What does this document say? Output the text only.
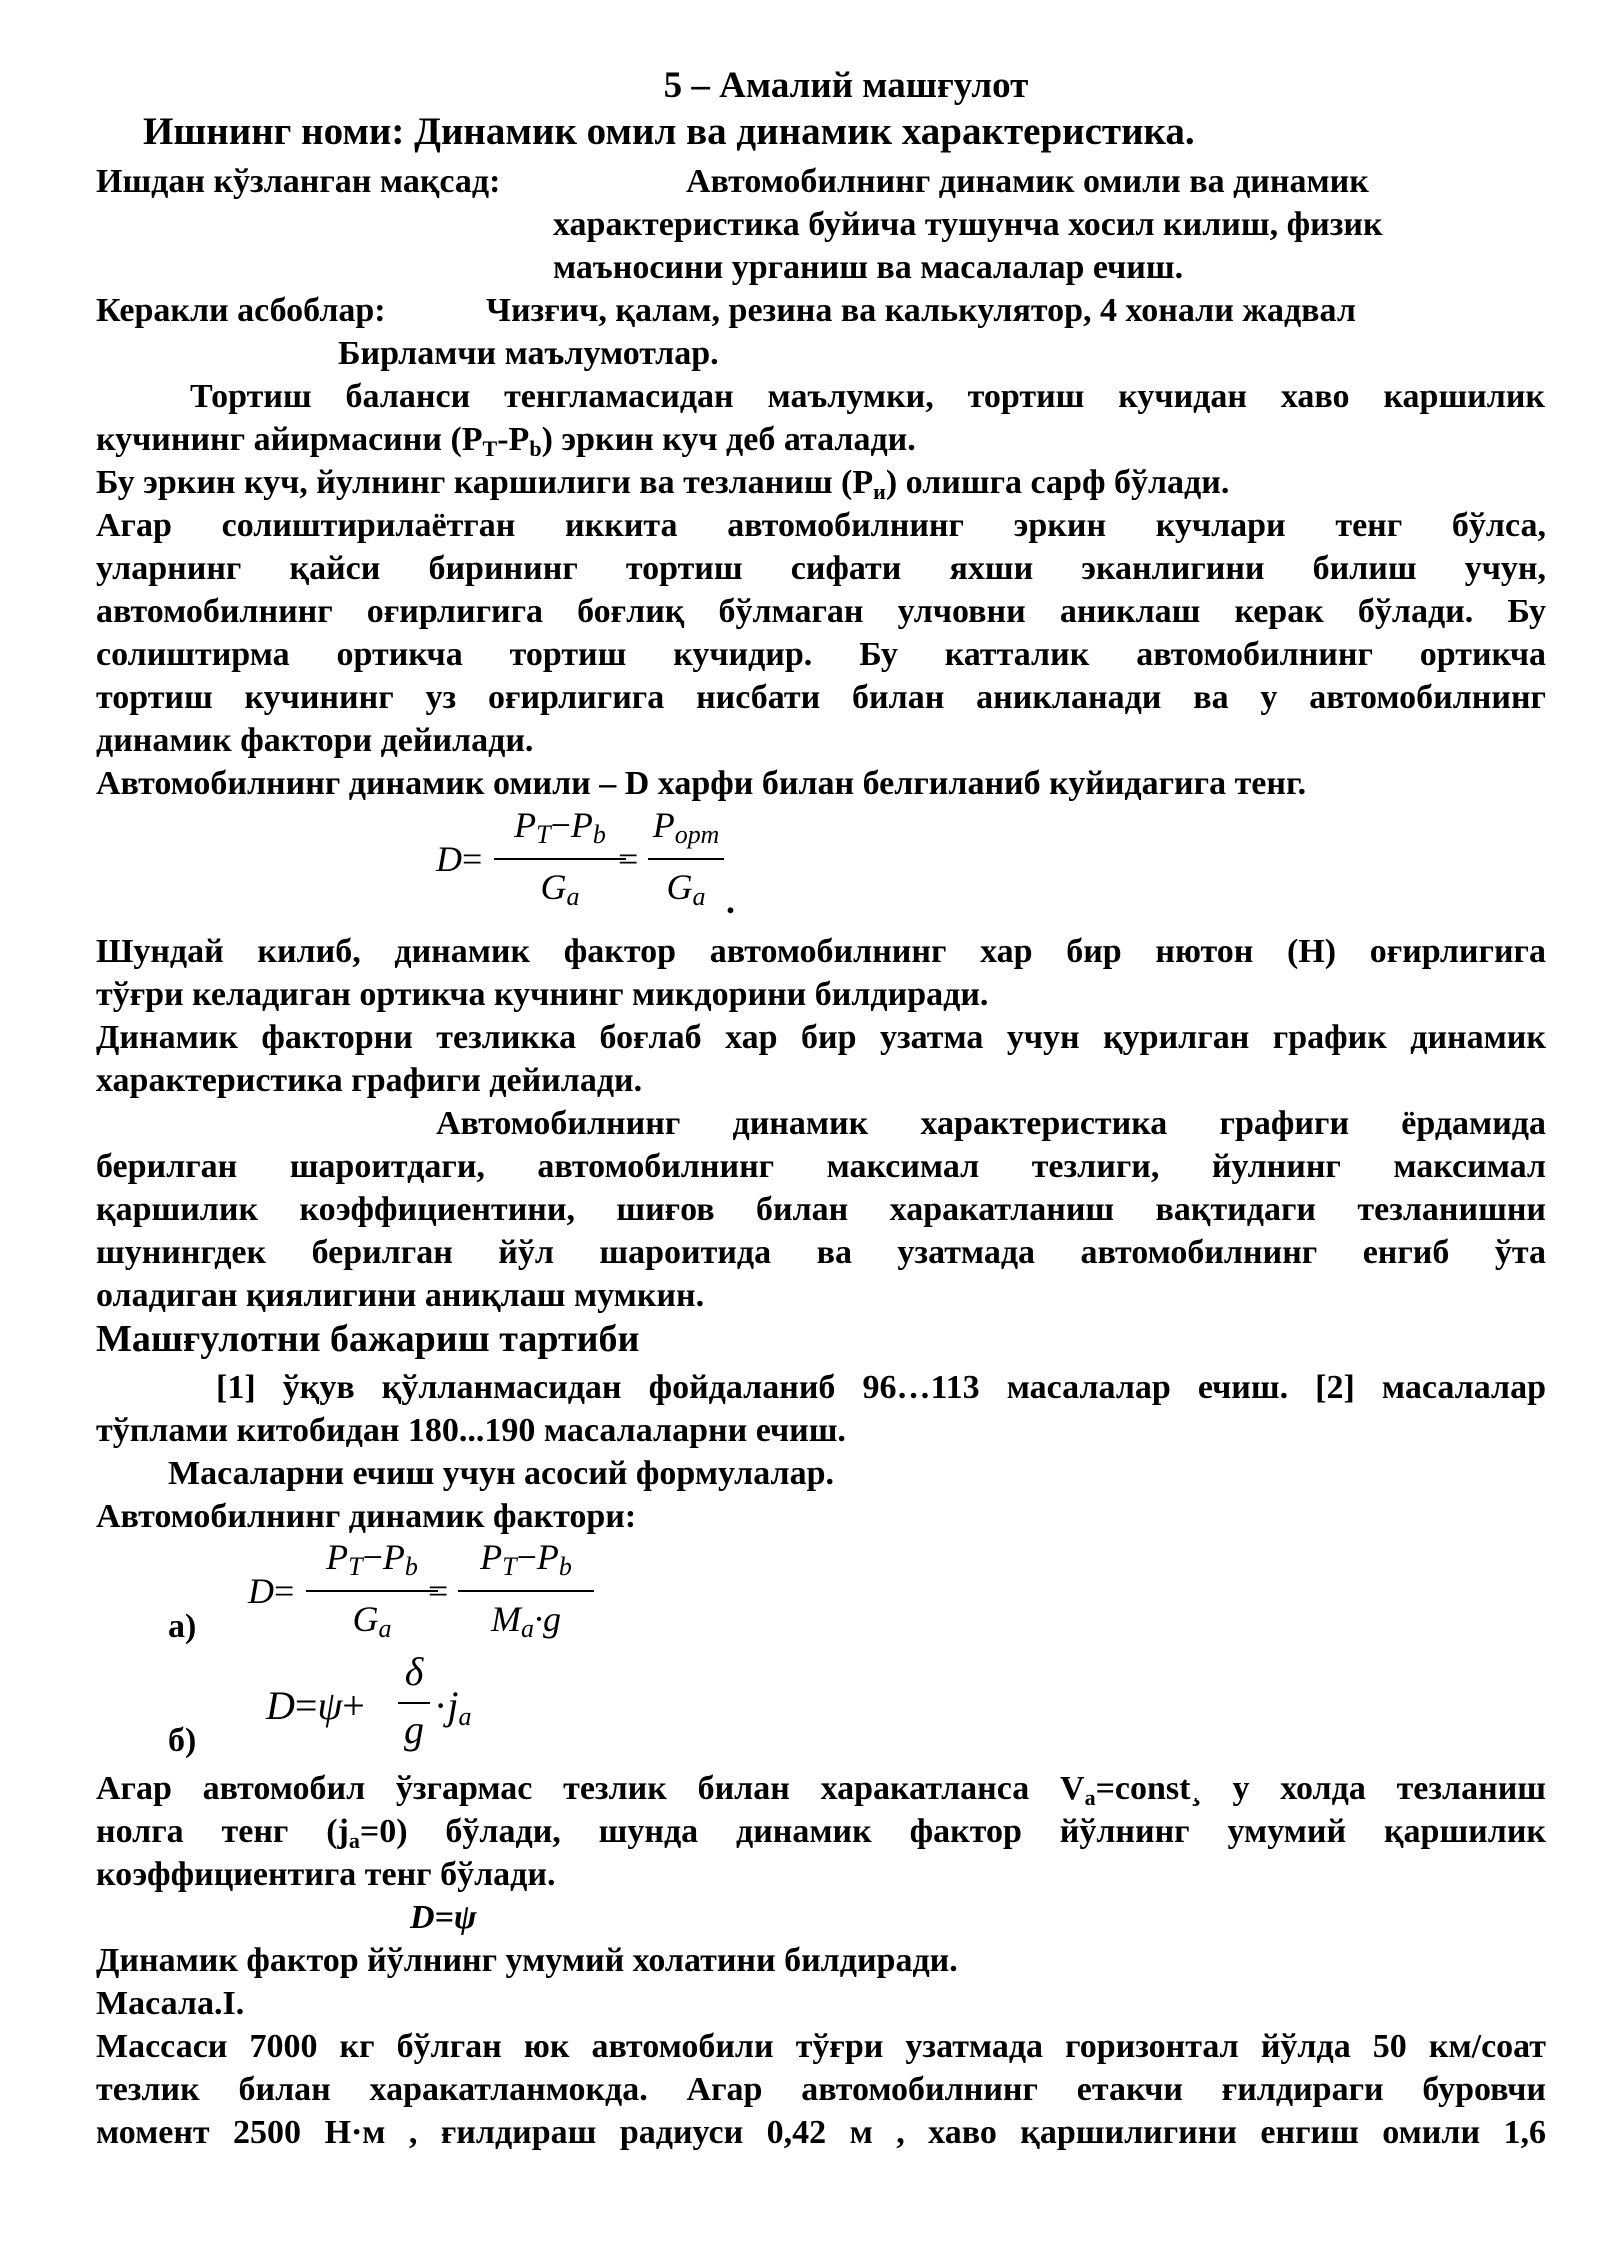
5 – Амалий машғулот
Ишнинг номи: Динамик омил ва динамик характеристика.
Ишдан кўзланган мақсад:	Автомобилнинг динамик омили ва динамик
характеристика буйича тушунча хосил килиш, физик
маъносини урганиш ва масалалар ечиш.
Керакли асбоблар:	Чизғич, қалам, резина ва калькулятор, 4 хонали жадвал
Бирламчи маълумотлар.
Тортиш баланси тенгламасидан маълумки, тортиш кучидан хаво каршилик
кучининг айирмасини $(P_T-P_b)$ эркин куч деб аталади.
Бу эркин куч, йулнинг каршилиги ва тезланиш $(P_и)$ олишга сарф бўлади.
Агар солиштирилаётган иккита автомобилнинг эркин кучлари тенг бўлса,
уларнинг қайси бирининг тортиш сифати яхши эканлигини билиш учун,
автомобилнинг оғирлигига боғлиқ бўлмаган улчовни аниклаш керак бўлади. Бу
солиштирма ортикча тортиш кучидир. Бу катталик автомобилнинг ортикча
тортиш кучининг уз оғирлигига нисбати билан аникланади ва у автомобилнинг
динамик фактори дейилади.
Автомобилнинг динамик омили – D харфи билан белгиланиб куйидагига тенг.
D=
$P_T-P_b$
$G_a$
=
$P_{орт}$
$G_a$ .
Шундай килиб, динамик фактор автомобилнинг хар бир нютон (Н) оғирлигига
тўғри келадиган ортикча кучнинг микдорини билдиради.
Динамик факторни тезликка боғлаб хар бир узатма учун қурилган график динамик
характеристика графиги дейилади.
Автомобилнинг динамик характеристика графиги ёрдамида
берилган шароитдаги, автомобилнинг максимал тезлиги, йулнинг максимал
қаршилик коэффициентини, шиғов билан харакатланиш вақтидаги тезланишни
шунингдек берилган йўл шароитида ва узатмада автомобилнинг енгиб ўта
оладиган қиялигини аниқлаш мумкин.
Машғулотни бажариш тартиби
[1] ўқув қўлланмасидан фойдаланиб 96…113 масалалар ечиш. [2] масалалар
тўплами китобидан 180...190 масалаларни ечиш.
Масаларни ечиш учун асосий формулалар.
Автомобилнинг динамик фактори:
а)
D=
$P_T-P_b$
$G_a$
=
$P_T-P_b$
$M_a\cdot g$
б)
D=ψ+
δ
g
$\cdot j_a$
Агар автомобил ўзгармас тезлик билан харакатланса $V_a=const¸$ у холда тезланиш
нолга тенг $(j_a=0)$ бўлади, шунда динамик фактор йўлнинг умумий қаршилик
коэффициентига тенг бўлади.
D=ψ
Динамик фактор йўлнинг умумий холатини билдиради.
Масала.I.
Массаси 7000 кг бўлган юк автомобили тўғри узатмада горизонтал йўлда 50 км/соат
тезлик билан харакатланмокда. Агар автомобилнинг етакчи ғилдираги буровчи
момент 2500 Н·м , ғилдираш радиуси 0,42 м , хаво қаршилигини енгиш омили 1,6
